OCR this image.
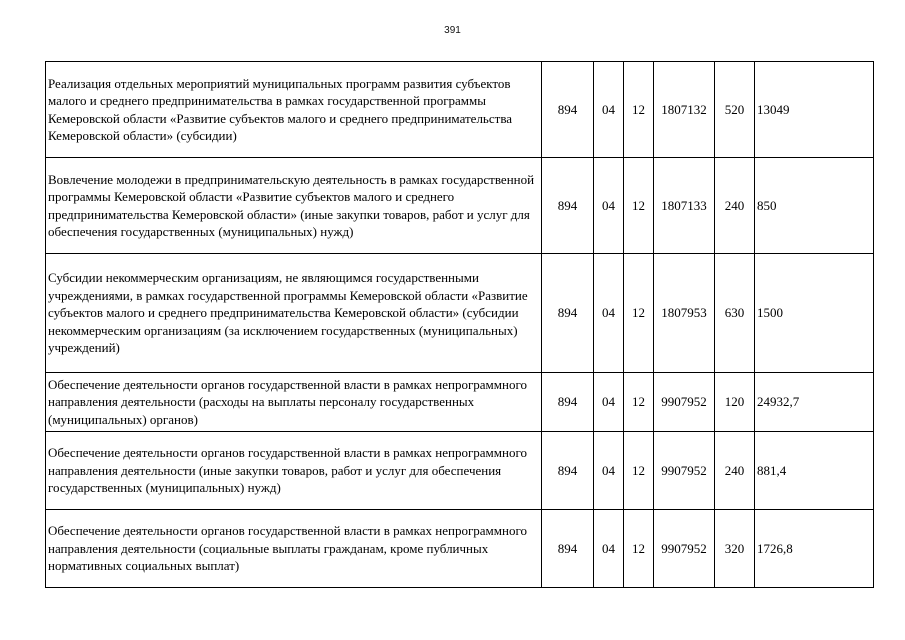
391
Реализация отдельных мероприятий муниципальных программ развития субъектов малого и среднего предпринимательства в рамках государственной программы Кемеровской области «Развитие субъектов малого и среднего предпринимательства Кемеровской области» (субсидии)	894	04	12	1807132	520	13049
Вовлечение молодежи в предпринимательскую деятельность в рамках государственной программы Кемеровской области «Развитие субъектов малого и среднего предпринимательства Кемеровской области» (иные закупки товаров, работ и услуг для обеспечения государственных (муниципальных) нужд)	894	04	12	1807133	240	850
Субсидии некоммерческим организациям, не являющимся государственными учреждениями, в рамках государственной программы Кемеровской области «Развитие субъектов малого и среднего предпринимательства Кемеровской области» (субсидии некоммерческим организациям (за исключением государственных (муниципальных) учреждений)	894	04	12	1807953	630	1500
Обеспечение деятельности органов государственной власти в рамках непрограммного направления деятельности (расходы на выплаты персоналу государственных (муниципальных) органов)	894	04	12	9907952	120	24932,7
Обеспечение деятельности органов государственной власти в рамках непрограммного направления деятельности (иные закупки товаров, работ и услуг для обеспечения государственных (муниципальных) нужд)	894	04	12	9907952	240	881,4
Обеспечение деятельности органов государственной власти в рамках непрограммного направления деятельности (социальные выплаты гражданам, кроме публичных нормативных социальных выплат)	894	04	12	9907952	320	1726,8
